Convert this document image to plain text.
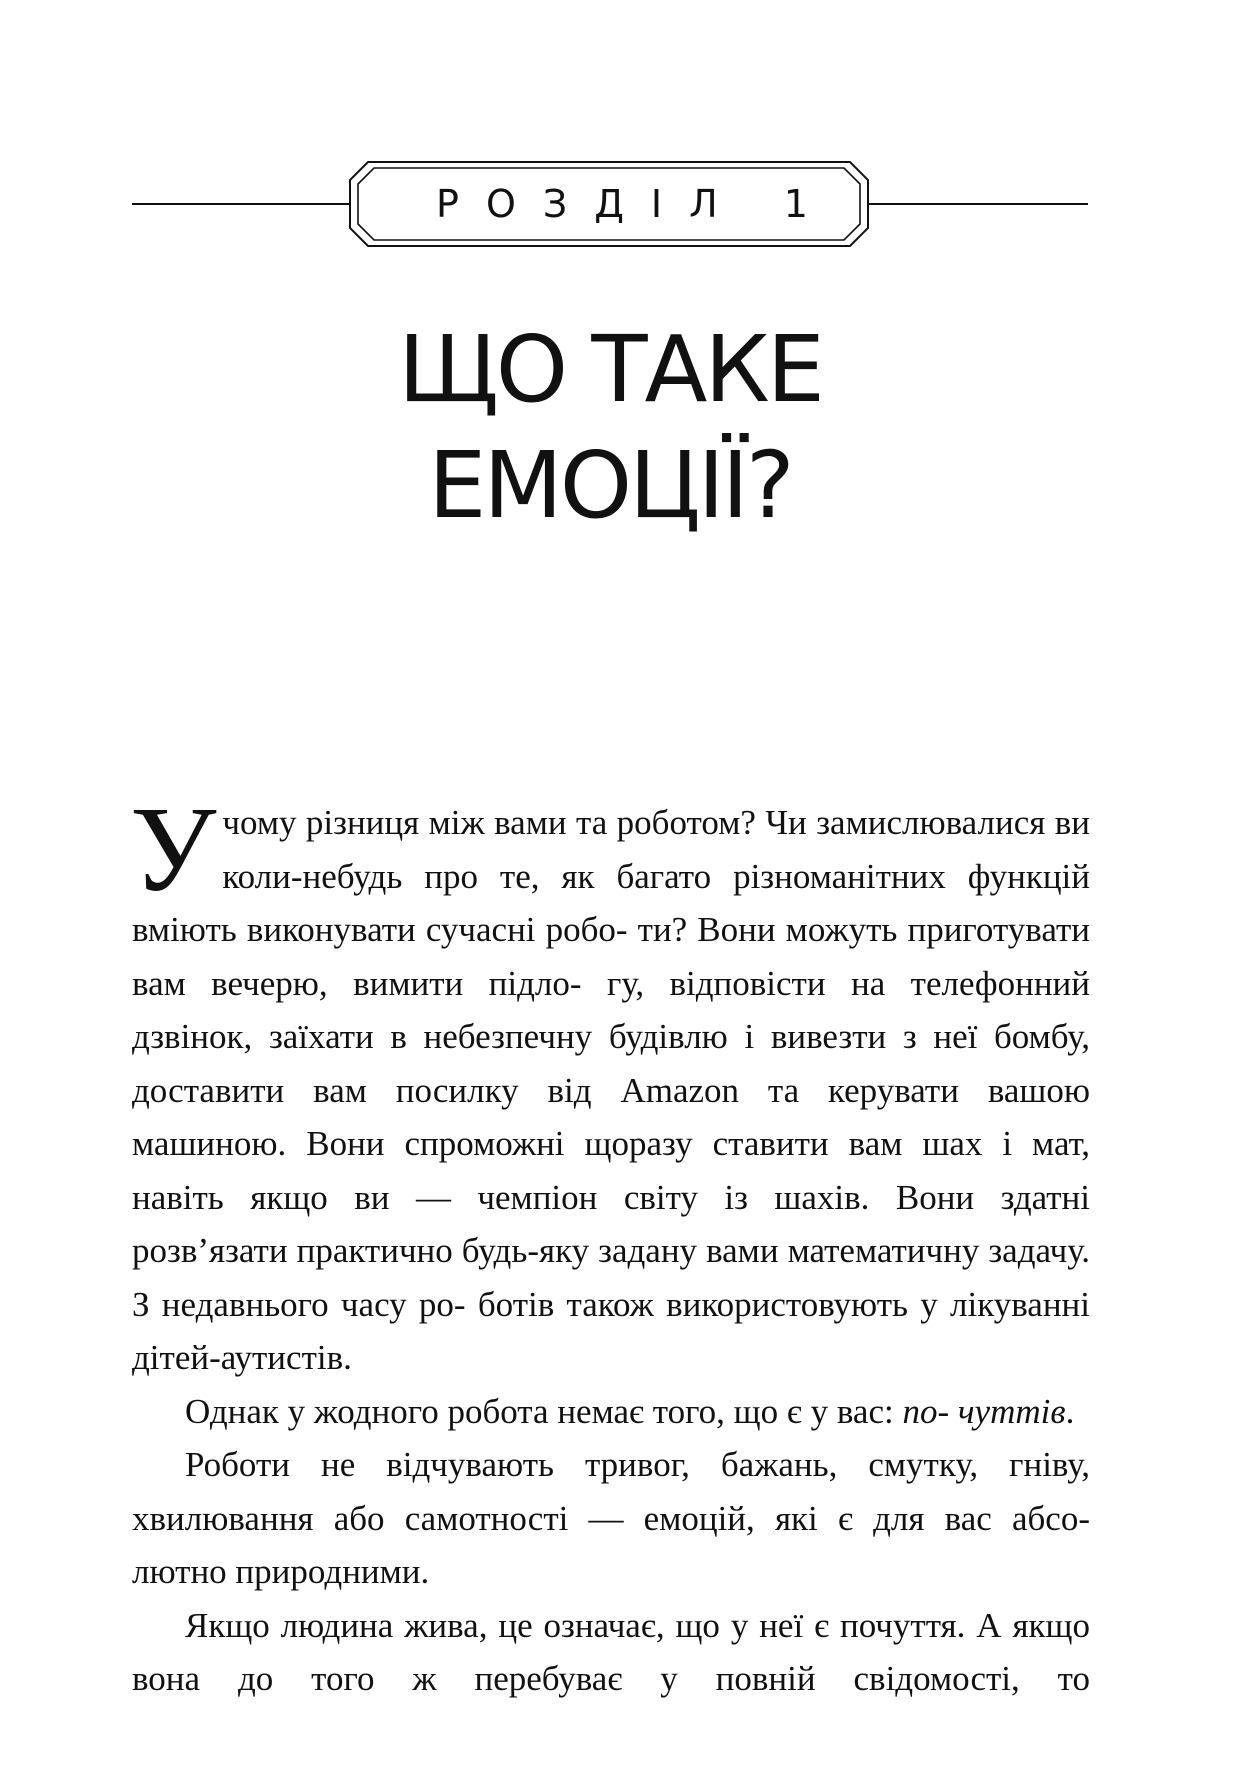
РОЗДІЛ 1
ЩО ТАКЕ
ЕМОЦІЇ?

Учому різниця між вами та роботом? Чи замислювалися ви коли-небудь про те, як багато різноманітних функцій вміють виконувати сучасні робо- ти? Вони можуть приготувати вам вечерю, вимити підло- гу, відповісти на телефонний дзвінок, заїхати в небезпечну будівлю і вивезти з неї бомбу, доставити вам посилку від Amazon та керувати вашою машиною. Вони спроможні щоразу ставити вам шах і мат, навіть якщо ви — чемпіон світу із шахів. Вони здатні розв’язати практично будь-яку задану вами математичну задачу. З недавнього часу ро- ботів також використовують у лікуванні дітей-аутистів.

Однак у жодного робота немає того, що є у вас: по- чуттів.

Роботи не відчувають тривог, бажань, смутку, гніву, хвилювання або самотності — емоцій, які є для вас абсо- лютно природними.

Якщо людина жива, це означає, що у неї є почуття. А якщо вона до того ж перебуває у повній свідомості, то
